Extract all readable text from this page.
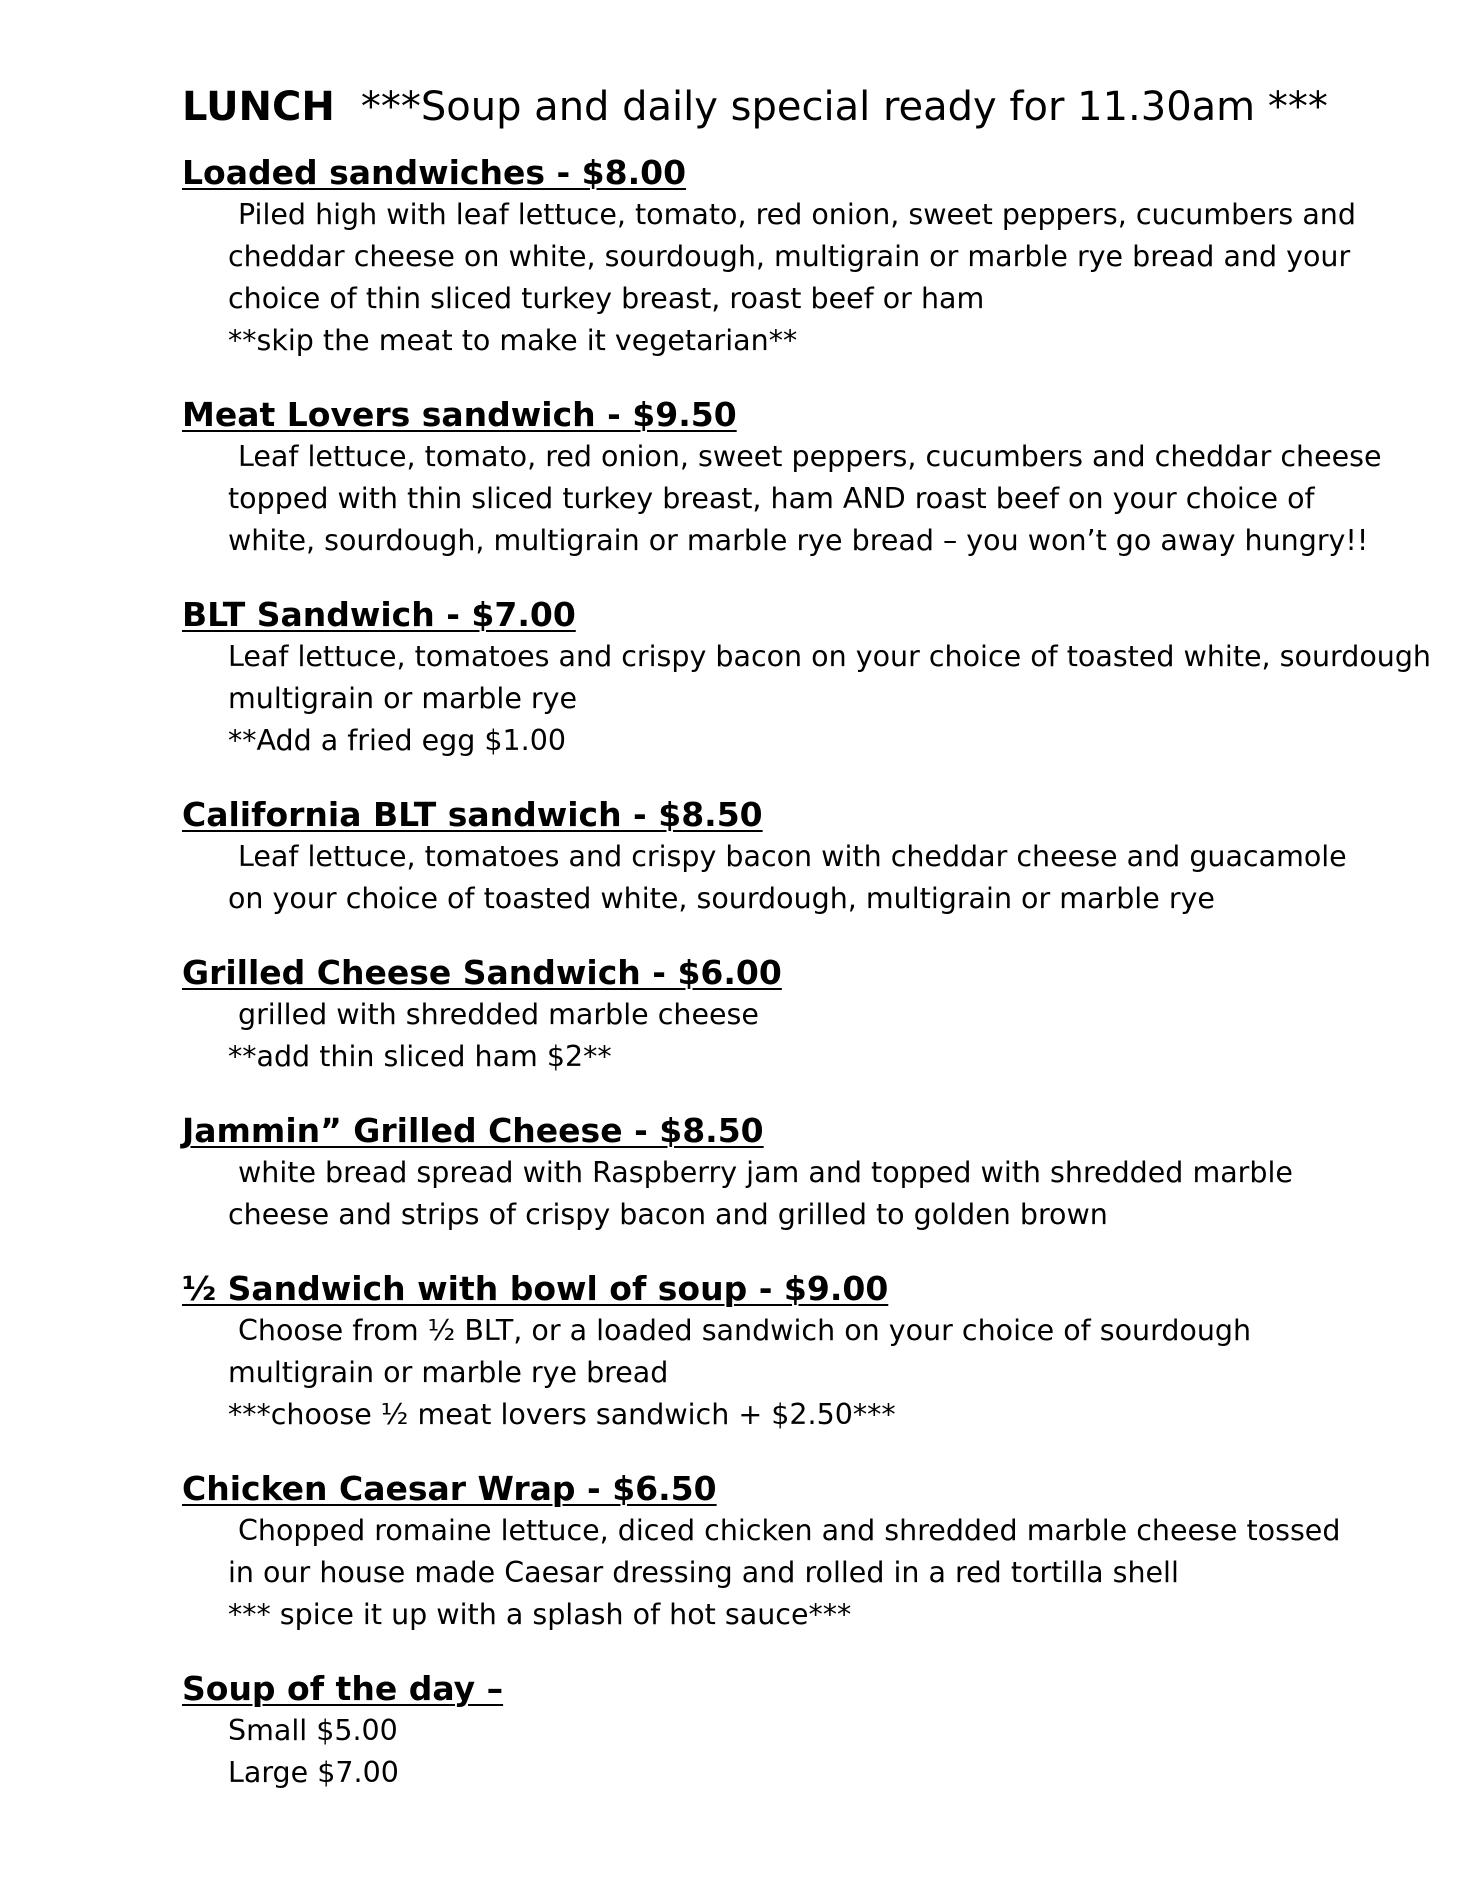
LUNCH ***Soup and daily special ready for 11.30am ***
Loaded sandwiches - $8.00
Piled high with leaf lettuce, tomato, red onion, sweet peppers, cucumbers and
cheddar cheese on white, sourdough, multigrain or marble rye bread and your
choice of thin sliced turkey breast, roast beef or ham
**skip the meat to make it vegetarian**
Meat Lovers sandwich - $9.50
Leaf lettuce, tomato, red onion, sweet peppers, cucumbers and cheddar cheese
topped with thin sliced turkey breast, ham AND roast beef on your choice of
white, sourdough, multigrain or marble rye bread – you won’t go away hungry!!
BLT Sandwich - $7.00
Leaf lettuce, tomatoes and crispy bacon on your choice of toasted white, sourdough
multigrain or marble rye
**Add a fried egg $1.00
California BLT sandwich - $8.50
Leaf lettuce, tomatoes and crispy bacon with cheddar cheese and guacamole
on your choice of toasted white, sourdough, multigrain or marble rye
Grilled Cheese Sandwich - $6.00
grilled with shredded marble cheese
**add thin sliced ham $2**
Jammin” Grilled Cheese - $8.50
white bread spread with Raspberry jam and topped with shredded marble
cheese and strips of crispy bacon and grilled to golden brown
½ Sandwich with bowl of soup - $9.00
Choose from ½ BLT, or a loaded sandwich on your choice of sourdough
multigrain or marble rye bread
***choose ½ meat lovers sandwich + $2.50***
Chicken Caesar Wrap - $6.50
Chopped romaine lettuce, diced chicken and shredded marble cheese tossed
in our house made Caesar dressing and rolled in a red tortilla shell
*** spice it up with a splash of hot sauce***
Soup of the day –
Small $5.00
Large $7.00
